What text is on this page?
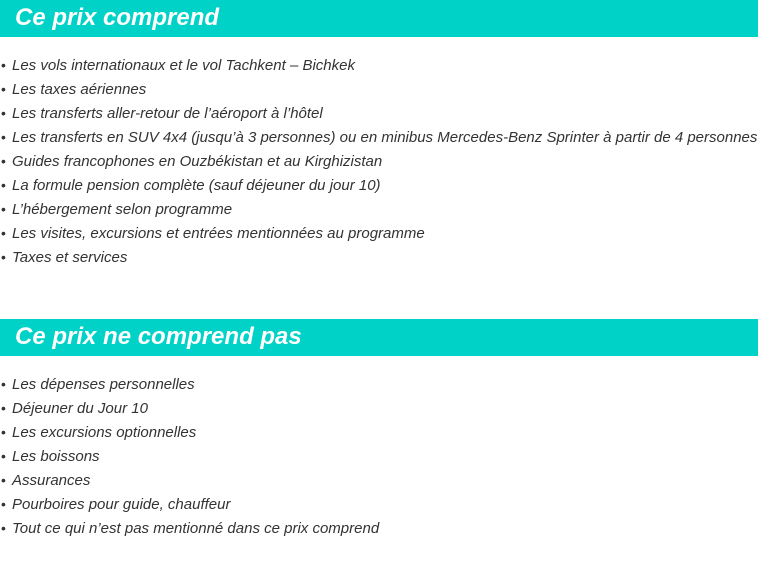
Ce prix comprend
• Les vols internationaux et le vol Tachkent – Bichkek
• Les taxes aériennes
• Les transferts aller-retour de l’aéroport à l’hôtel
• Les transferts en SUV 4x4 (jusqu’à 3 personnes) ou en minibus Mercedes-Benz Sprinter à partir de 4 personnes
• Guides francophones en Ouzbékistan et au Kirghizistan
• La formule pension complète (sauf déjeuner du jour 10)
• L’hébergement selon programme
• Les visites, excursions et entrées mentionnées au programme
• Taxes et services
Ce prix ne comprend pas
• Les dépenses personnelles
• Déjeuner du Jour 10
• Les excursions optionnelles
• Les boissons
• Assurances
• Pourboires pour guide, chauffeur
• Tout ce qui n’est pas mentionné dans ce prix comprend
